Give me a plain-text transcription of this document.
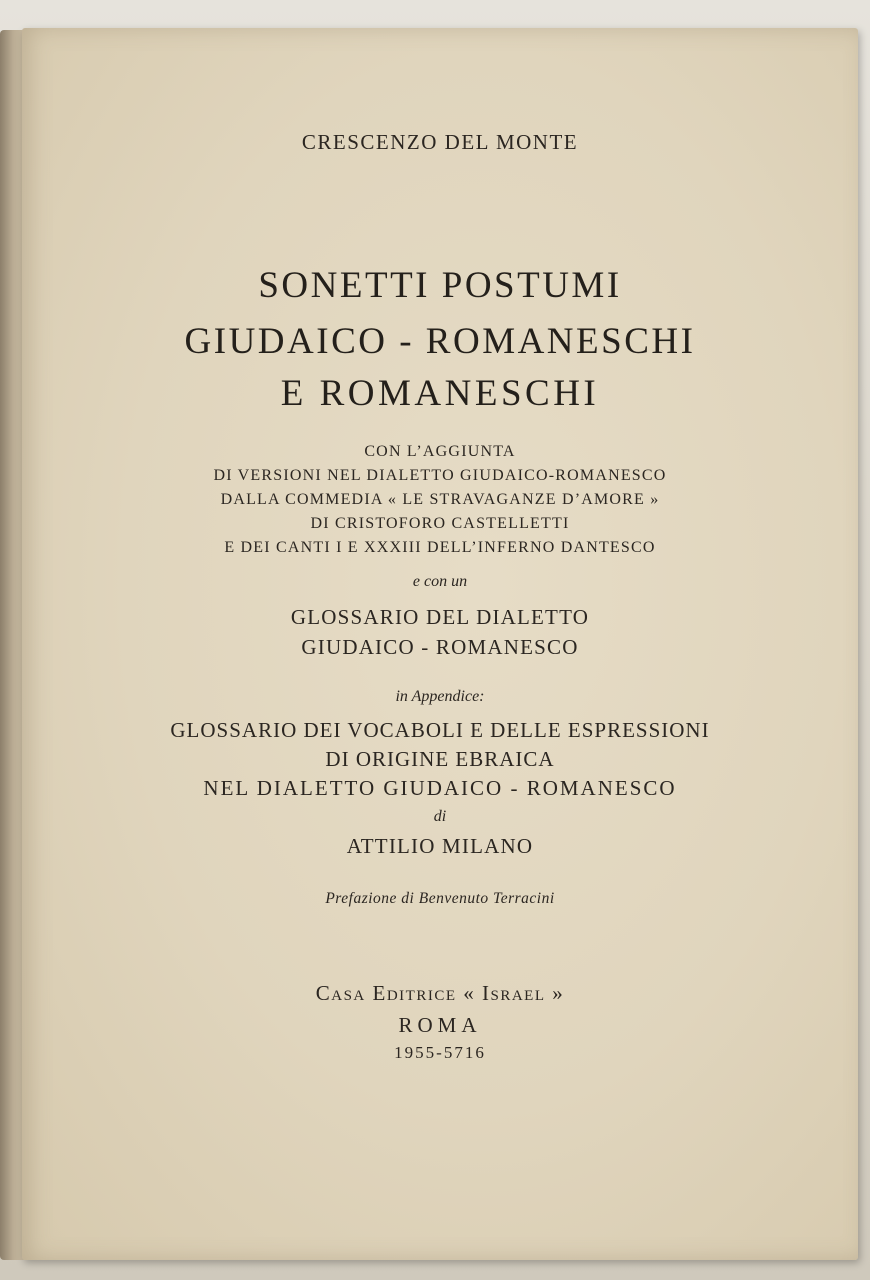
CRESCENZO DEL MONTE
SONETTI POSTUMI
GIUDAICO - ROMANESCHI
E ROMANESCHI
CON L’AGGIUNTA
DI VERSIONI NEL DIALETTO GIUDAICO-ROMANESCO
DALLA COMMEDIA « LE STRAVAGANZE D’AMORE »
DI CRISTOFORO CASTELLETTI
E DEI CANTI I E XXXIII DELL’INFERNO DANTESCO
e con un
GLOSSARIO DEL DIALETTO
GIUDAICO - ROMANESCO
in Appendice:
GLOSSARIO DEI VOCABOLI E DELLE ESPRESSIONI
DI ORIGINE EBRAICA
NEL DIALETTO GIUDAICO - ROMANESCO
di
ATTILIO MILANO
Prefazione di Benvenuto Terracini
Casa Editrice « Israel »
ROMA
1955-5716
